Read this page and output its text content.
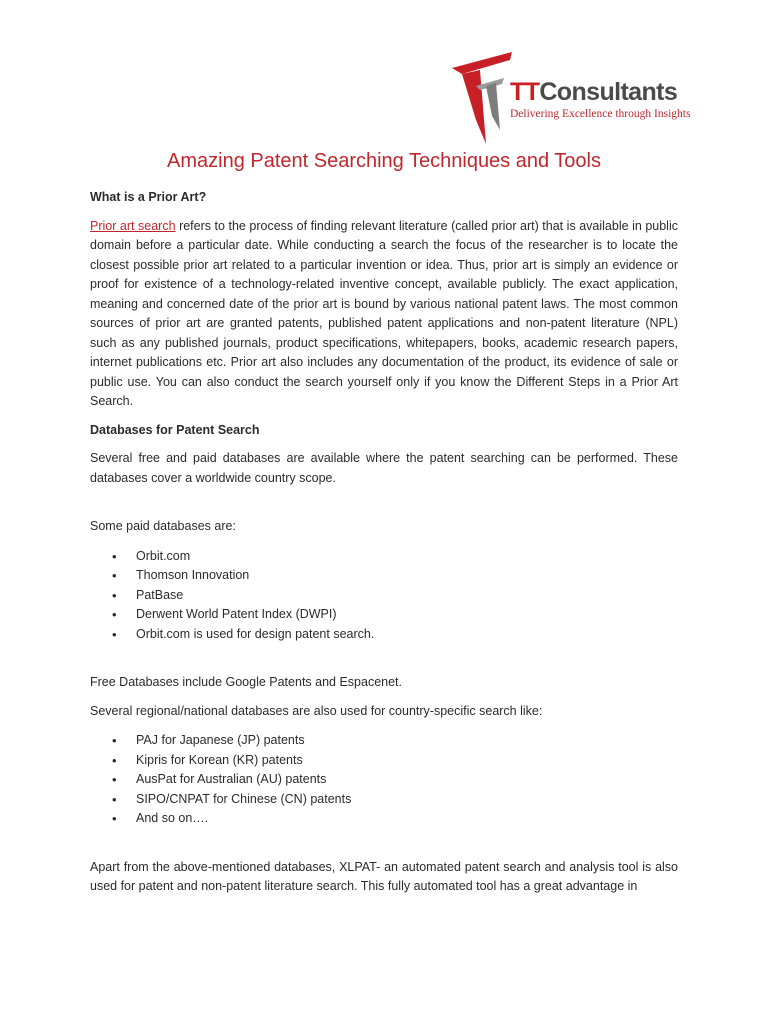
TTConsultants
Delivering Excellence through Insights
Amazing Patent Searching Techniques and Tools

What is a Prior Art?

Prior art search refers to the process of finding relevant literature (called prior art) that is available in public domain before a particular date. While conducting a search the focus of the researcher is to locate the closest possible prior art related to a particular invention or idea. Thus, prior art is simply an evidence or proof for existence of a technology-related inventive concept, available publicly. The exact application, meaning and concerned date of the prior art is bound by various national patent laws. The most common sources of prior art are granted patents, published patent applications and non-patent literature (NPL) such as any published journals, product specifications, whitepapers, books, academic research papers, internet publications etc. Prior art also includes any documentation of the product, its evidence of sale or public use. You can also conduct the search yourself only if you know the Different Steps in a Prior Art Search.

Databases for Patent Search

Several free and paid databases are available where the patent searching can be performed. These databases cover a worldwide country scope.

Some paid databases are:

• Orbit.com
• Thomson Innovation
• PatBase
• Derwent World Patent Index (DWPI)
• Orbit.com is used for design patent search.

Free Databases include Google Patents and Espacenet.

Several regional/national databases are also used for country-specific search like:

• PAJ for Japanese (JP) patents
• Kipris for Korean (KR) patents
• AusPat for Australian (AU) patents
• SIPO/CNPAT for Chinese (CN) patents
• And so on….

Apart from the above-mentioned databases, XLPAT- an automated patent search and analysis tool is also used for patent and non-patent literature search. This fully automated tool has a great advantage in
